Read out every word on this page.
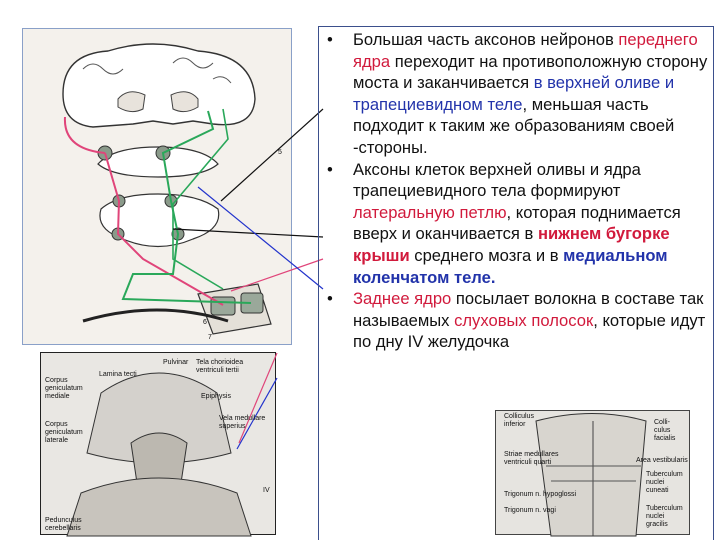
6
7
5
• Большая часть аксонов нейронов переднего ядра переходит на противоположную сторону моста и заканчивается в верхней оливе и трапециевидном теле, меньшая часть подходит к таким же образованиям своей -стороны.
• Аксоны клеток верхней оливы и ядра трапециевидного тела формируют латеральную петлю, которая поднимается вверх и оканчивается в нижнем бугорке крыши среднего мозга и в медиальном коленчатом теле.
• Заднее ядро посылает волокна в составе так называемых слуховых полосок, которые идут по дну IV желудочка
Pulvinar Tela chorioidea
ventriculi tertii
Lamina tecti
Corpus
geniculatum
mediale	Epiphysis
Corpus
geniculatum
laterale
Vela medullare
superius
IV
Pedunculus
cerebellaris
Colliculus
inferior	Colli-
culus
facialis
Striae medullares
ventriculi quarti	Area vestibularis
Tuberculum
nuclei
cuneati
Trigonum n. hypoglossi
Trigonum n. vagi	Tuberculum
nuclei
gracilis
